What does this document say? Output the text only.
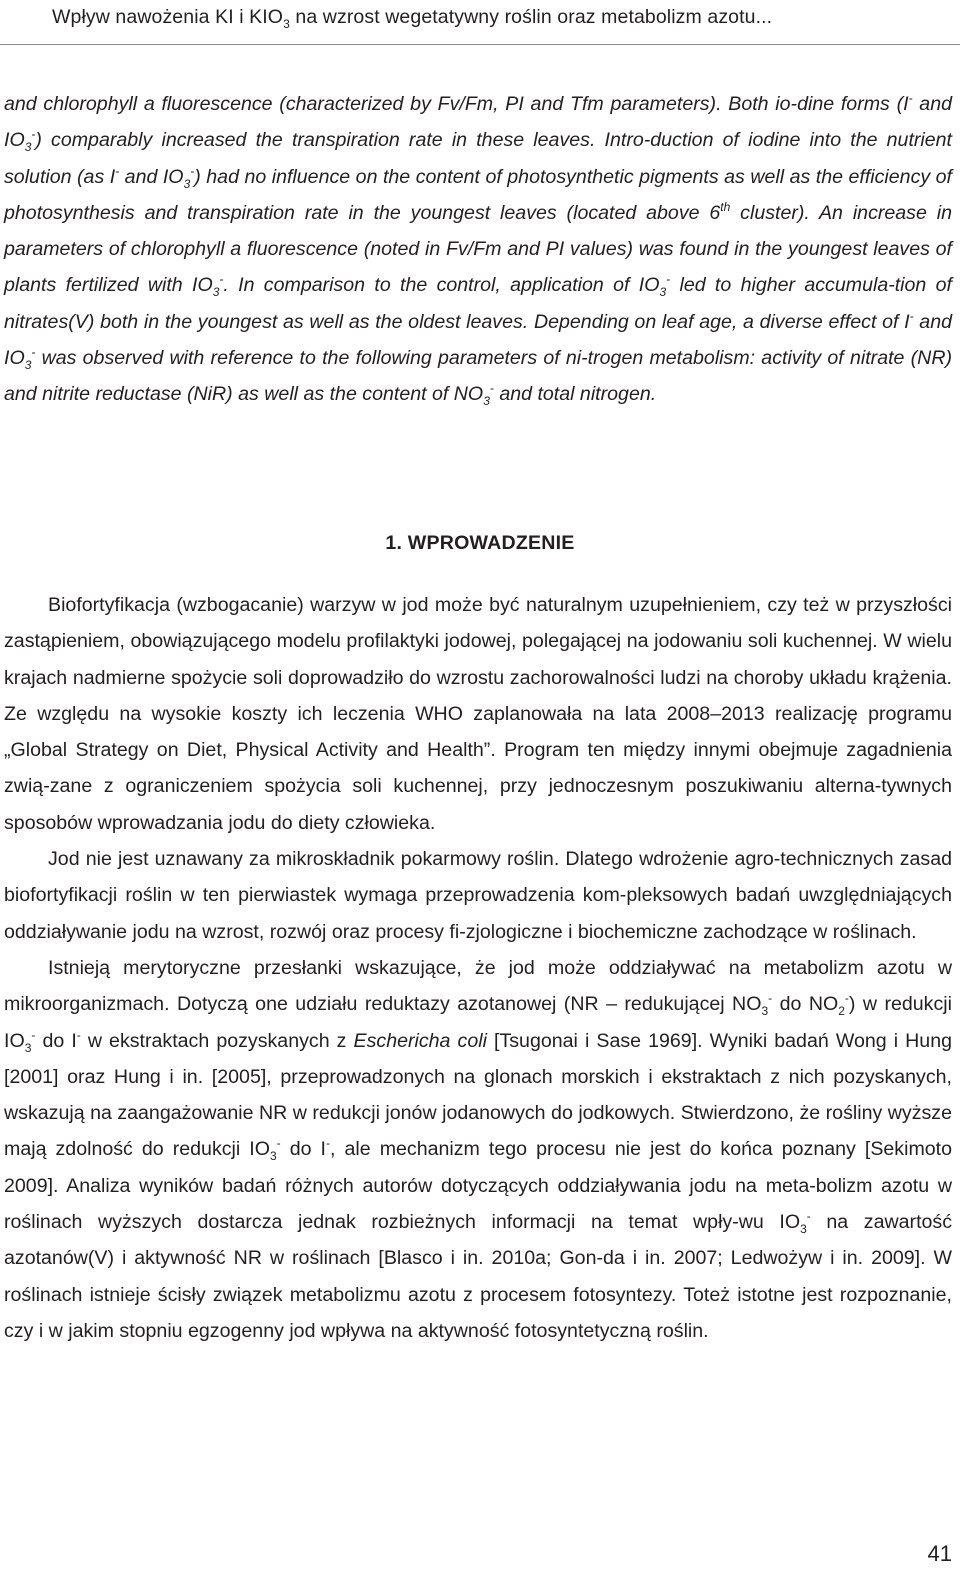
Wpływ nawożenia KI i $KIO_3$ na wzrost wegetatywny roślin oraz metabolizm azotu...

and chlorophyll a fluorescence (characterized by Fv/Fm, PI and Tfm parameters). Both io-dine forms (I- and $IO_3^-$) comparably increased the transpiration rate in these leaves. Intro-duction of iodine into the nutrient solution (as I- and $IO_3^-$) had no influence on the content of photosynthetic pigments as well as the efficiency of photosynthesis and transpiration rate in the youngest leaves (located above 6th cluster). An increase in parameters of chlorophyll a fluorescence (noted in Fv/Fm and PI values) was found in the youngest leaves of plants fertilized with $IO_3^-$. In comparison to the control, application of $IO_3^-$ led to higher accumula-tion of nitrates(V) both in the youngest as well as the oldest leaves. Depending on leaf age, a diverse effect of I- and $IO_3^-$ was observed with reference to the following parameters of ni-trogen metabolism: activity of nitrate (NR) and nitrite reductase (NiR) as well as the content of $NO_3^-$ and total nitrogen.

1. WPROWADZENIE

Biofortyfikacja (wzbogacanie) warzyw w jod może być naturalnym uzupełnieniem, czy też w przyszłości zastąpieniem, obowiązującego modelu profilaktyki jodowej, polegającej na jodowaniu soli kuchennej. W wielu krajach nadmierne spożycie soli doprowadziło do wzrostu zachorowalności ludzi na choroby układu krążenia. Ze względu na wysokie koszty ich leczenia WHO zaplanowała na lata 2008–2013 realizację programu „Global Strategy on Diet, Physical Activity and Health”. Program ten między innymi obejmuje zagadnienia zwią-zane z ograniczeniem spożycia soli kuchennej, przy jednoczesnym poszukiwaniu alterna-tywnych sposobów wprowadzania jodu do diety człowieka.

Jod nie jest uznawany za mikroskładnik pokarmowy roślin. Dlatego wdrożenie agro-technicznych zasad biofortyfikacji roślin w ten pierwiastek wymaga przeprowadzenia kom-pleksowych badań uwzględniających oddziaływanie jodu na wzrost, rozwój oraz procesy fi-zjologiczne i biochemiczne zachodzące w roślinach.

Istnieją merytoryczne przesłanki wskazujące, że jod może oddziaływać na metabolizm azotu w mikroorganizmach. Dotyczą one udziału reduktazy azotanowej (NR – redukującej $NO_3^-$ do $NO_2^-$) w redukcji $IO_3^-$ do I- w ekstraktach pozyskanych z Eschericha coli [Tsugonai i Sase 1969]. Wyniki badań Wong i Hung [2001] oraz Hung i in. [2005], przeprowadzonych na glonach morskich i ekstraktach z nich pozyskanych, wskazują na zaangażowanie NR w redukcji jonów jodanowych do jodkowych. Stwierdzono, że rośliny wyższe mają zdolność do redukcji $IO_3^-$ do I-, ale mechanizm tego procesu nie jest do końca poznany [Sekimoto 2009]. Analiza wyników badań różnych autorów dotyczących oddziaływania jodu na meta-bolizm azotu w roślinach wyższych dostarcza jednak rozbieżnych informacji na temat wpły-wu $IO_3^-$ na zawartość azotanów(V) i aktywność NR w roślinach [Blasco i in. 2010a; Gon-da i in. 2007; Ledwożyw i in. 2009]. W roślinach istnieje ścisły związek metabolizmu azotu z procesem fotosyntezy. Toteż istotne jest rozpoznanie, czy i w jakim stopniu egzogenny jod wpływa na aktywność fotosyntetyczną roślin.

41
